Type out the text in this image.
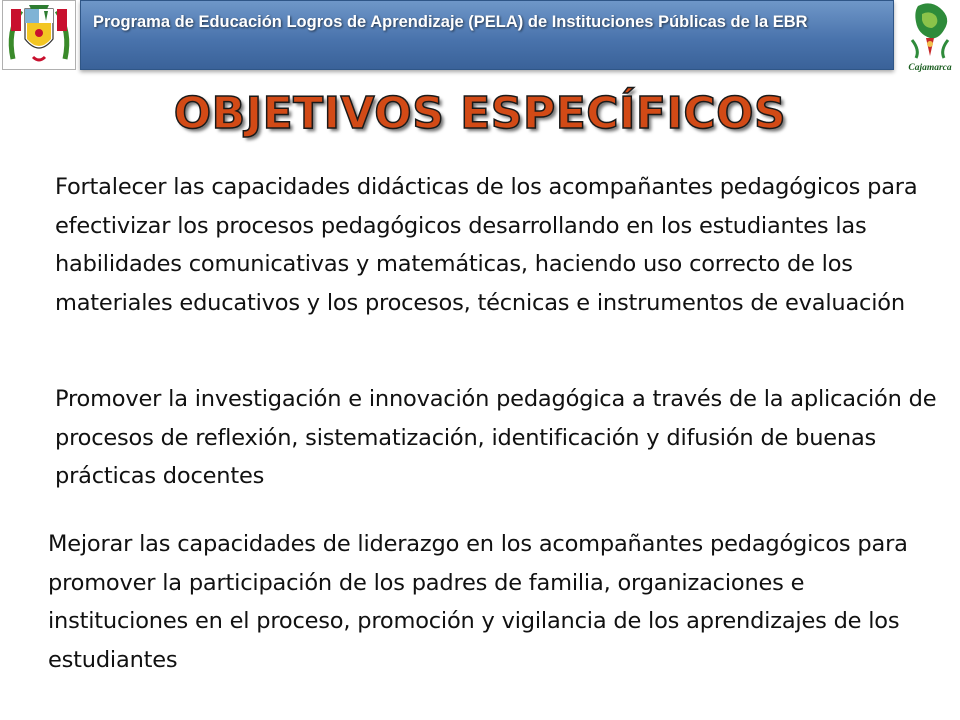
Programa de Educación Logros de Aprendizaje (PELA) de Instituciones Públicas de la EBR
Cajamarca
OBJETIVOS ESPECÍFICOS

Fortalecer las capacidades didácticas de los acompañantes pedagógicos para efectivizar los procesos pedagógicos desarrollando en los estudiantes las habilidades comunicativas y matemáticas, haciendo uso correcto de los materiales educativos y los procesos, técnicas e instrumentos de evaluación

Promover la investigación e innovación pedagógica a través de la aplicación de procesos de reflexión, sistematización, identificación y difusión de buenas prácticas docentes

Mejorar las capacidades de liderazgo en los acompañantes pedagógicos para promover la participación de los padres de familia, organizaciones e instituciones en el proceso, promoción y vigilancia de los aprendizajes de los estudiantes
